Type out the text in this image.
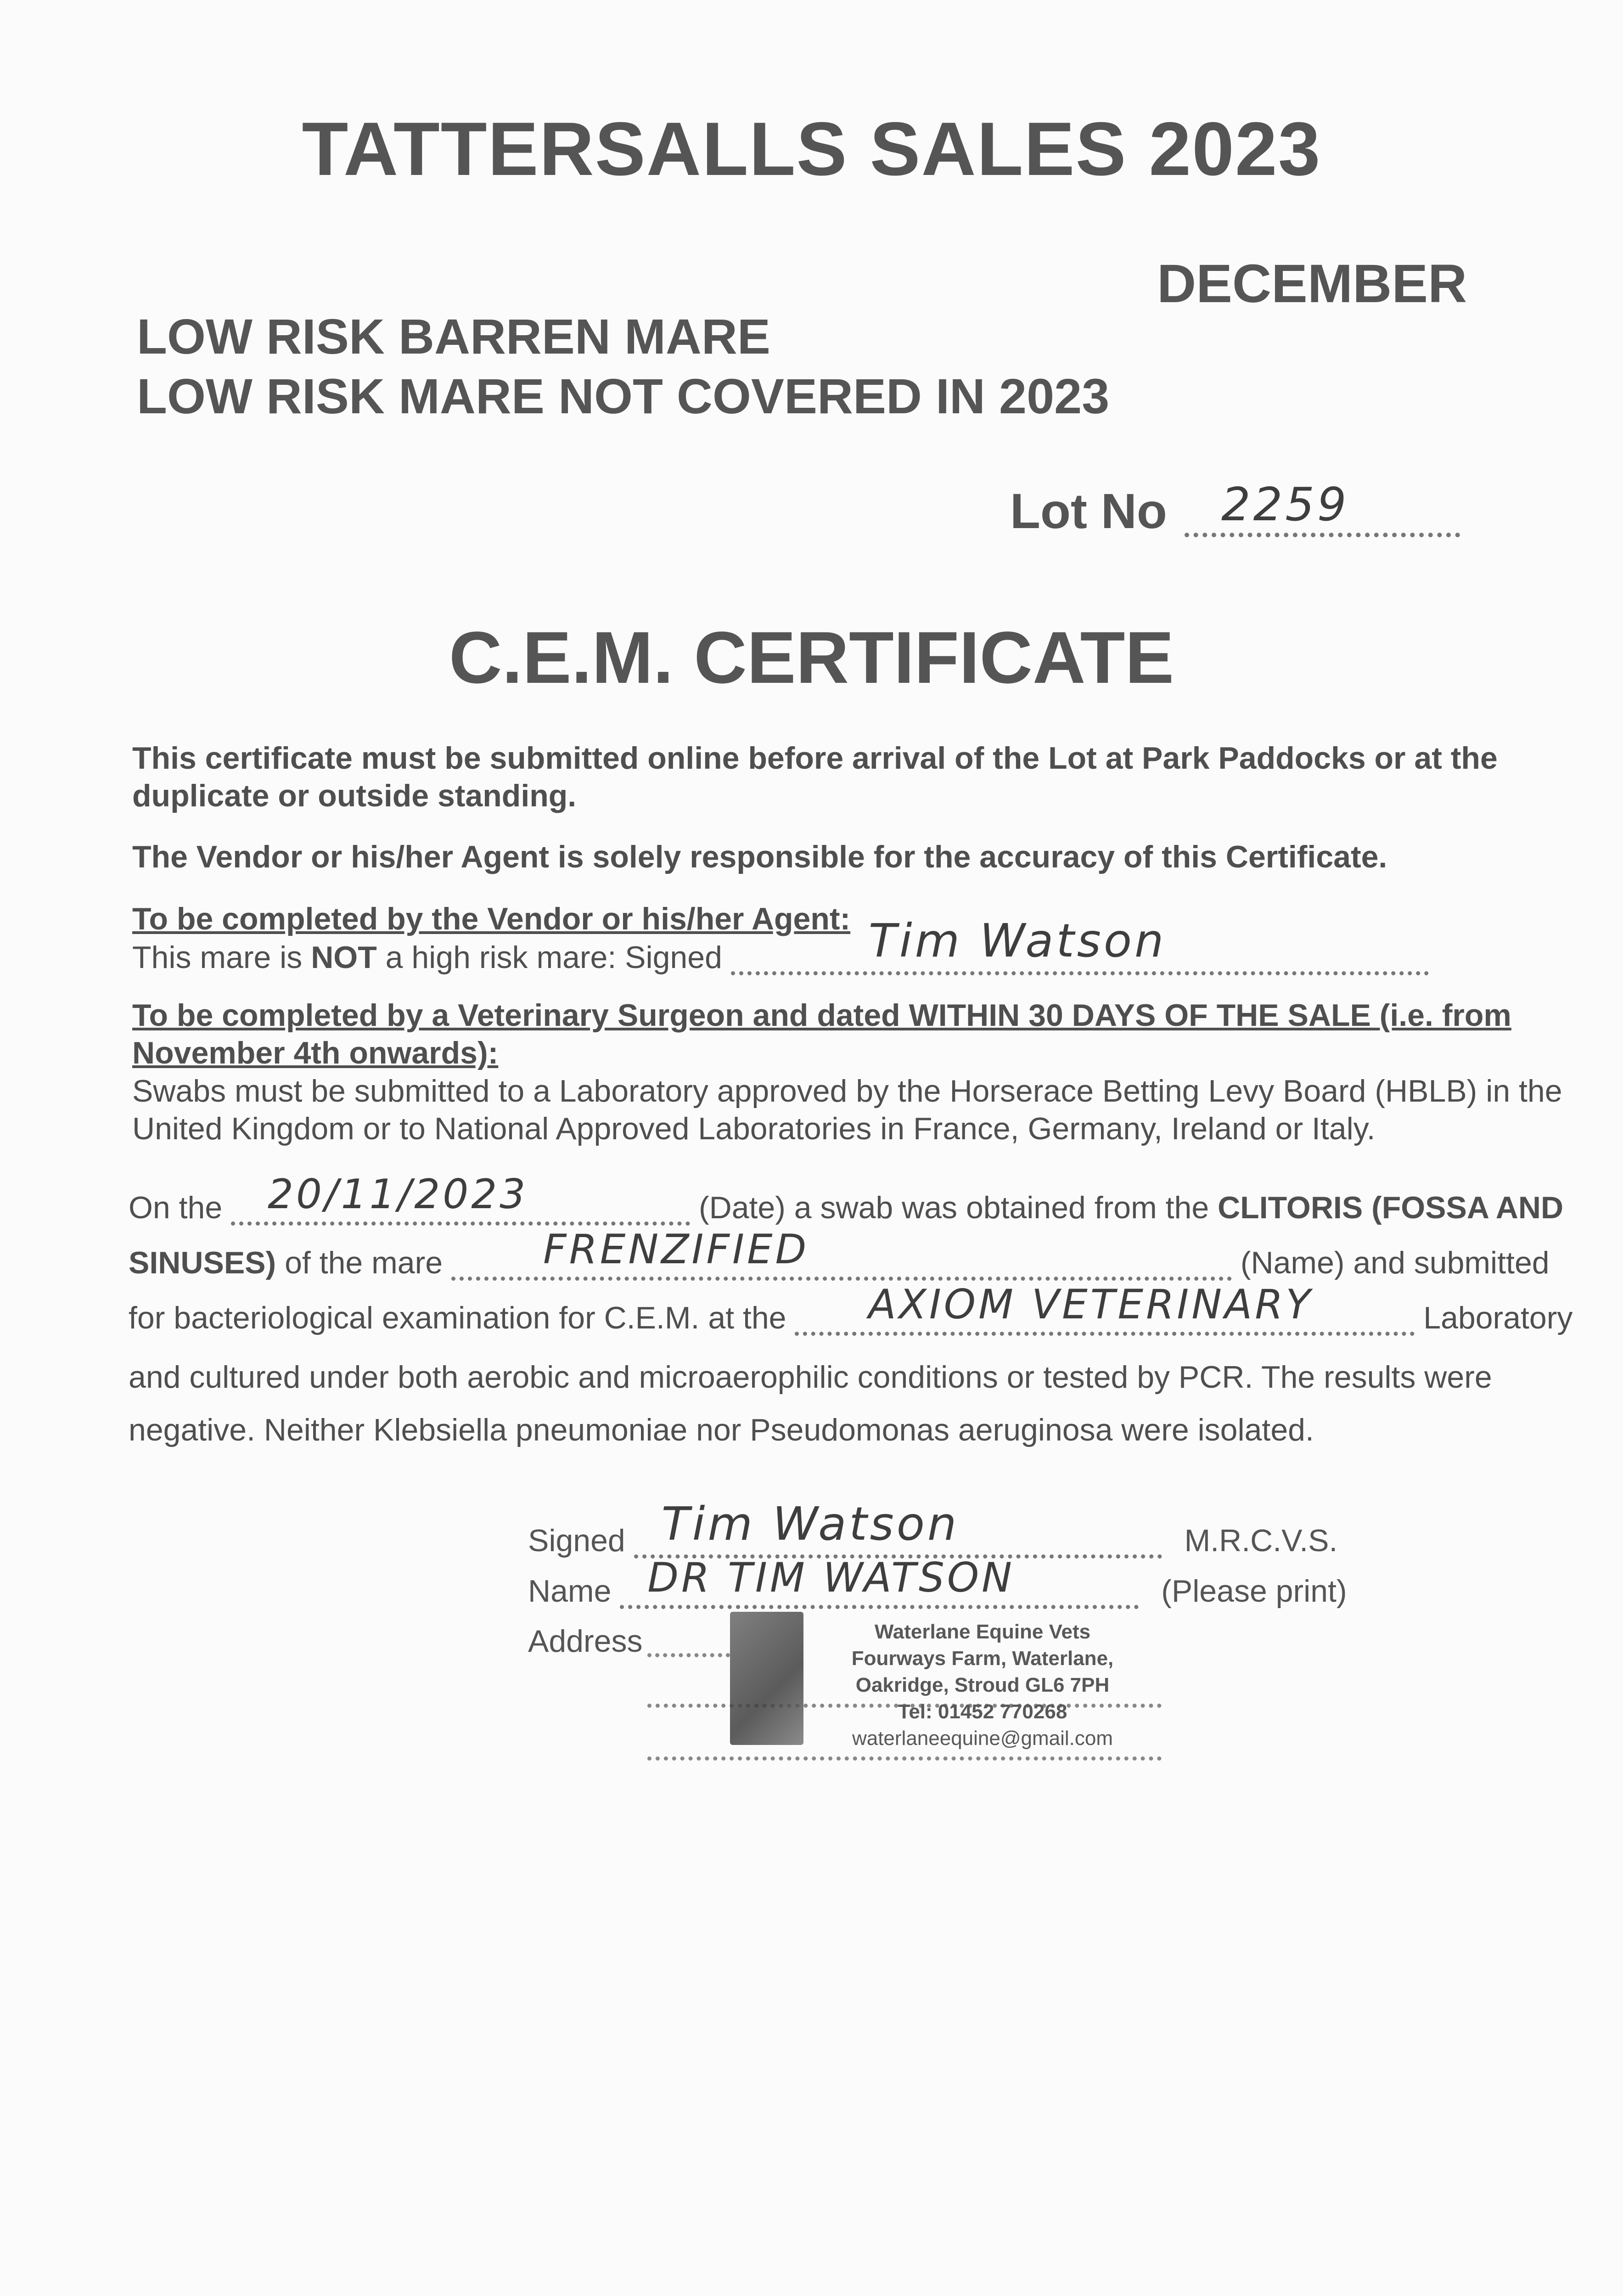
TATTERSALLS SALES 2023
DECEMBER
LOW RISK BARREN MARE
LOW RISK MARE NOT COVERED IN 2023
Lot No 2259
C.E.M. CERTIFICATE
This certificate must be submitted online before arrival of the Lot at Park Paddocks or at the duplicate or outside standing.
The Vendor or his/her Agent is solely responsible for the accuracy of this Certificate.
To be completed by the Vendor or his/her Agent:
This mare is NOT a high risk mare: Signed	Tim Watson
To be completed by a Veterinary Surgeon and dated WITHIN 30 DAYS OF THE SALE (i.e. from November 4th onwards):
Swabs must be submitted to a Laboratory approved by the Horserace Betting Levy Board (HBLB) in the United Kingdom or to National Approved Laboratories in France, Germany, Ireland or Italy.
On the 20/11/2023	(Date) a swab was obtained from the CLITORIS (FOSSA AND
SINUSES) of the mare FRENZIFIED	(Name) and submitted
for bacteriological examination for C.E.M. at the AXIOM VETERINARY	Laboratory
and cultured under both aerobic and microaerophilic conditions or tested by PCR. The results were
negative. Neither Klebsiella pneumoniae nor Pseudomonas aeruginosa were isolated.
Signed Tim Watson	M.R.C.V.S.
Name DR TIM WATSON	(Please print)
Address	Waterlane Equine Vets
Fourways Farm, Waterlane,
Oakridge, Stroud GL6 7PH
Tel: 01452 770268
waterlaneequine@gmail.com
